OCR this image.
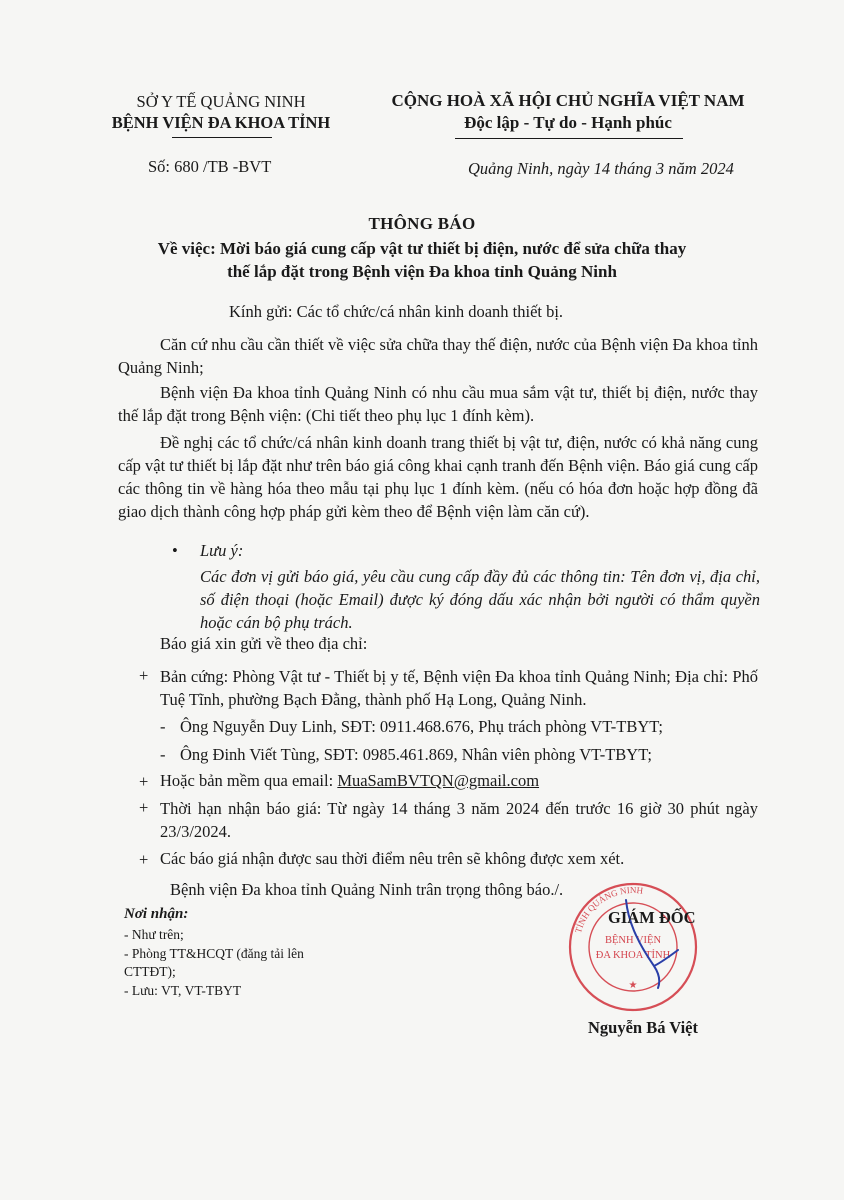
SỞ Y TẾ QUẢNG NINH
BỆNH VIỆN ĐA KHOA TỈNH
CỘNG HOÀ XÃ HỘI CHỦ NGHĨA VIỆT NAM
Độc lập - Tự do - Hạnh phúc
Số: 680 /TB -BVT	Quảng Ninh, ngày 14 tháng 3 năm 2024
THÔNG BÁO
Về việc: Mời báo giá cung cấp vật tư thiết bị điện, nước để sửa chữa thay
thế lắp đặt trong Bệnh viện Đa khoa tỉnh Quảng Ninh
Kính gửi: Các tổ chức/cá nhân kinh doanh thiết bị.
Căn cứ nhu cầu cần thiết về việc sửa chữa thay thế điện, nước của Bệnh viện Đa khoa tỉnh Quảng Ninh;
Bệnh viện Đa khoa tỉnh Quảng Ninh có nhu cầu mua sắm vật tư, thiết bị điện, nước thay thế lắp đặt trong Bệnh viện: (Chi tiết theo phụ lục 1 đính kèm).
Đề nghị các tổ chức/cá nhân kinh doanh trang thiết bị vật tư, điện, nước có khả năng cung cấp vật tư thiết bị lắp đặt như trên báo giá công khai cạnh tranh đến Bệnh viện. Báo giá cung cấp các thông tin về hàng hóa theo mẫu tại phụ lục 1 đính kèm. (nếu có hóa đơn hoặc hợp đồng đã giao dịch thành công hợp pháp gửi kèm theo để Bệnh viện làm căn cứ).
• Lưu ý:
Các đơn vị gửi báo giá, yêu cầu cung cấp đầy đủ các thông tin: Tên đơn vị, địa chỉ, số điện thoại (hoặc Email) được ký đóng dấu xác nhận bởi người có thẩm quyền hoặc cán bộ phụ trách.
Báo giá xin gửi về theo địa chỉ:
+ Bản cứng: Phòng Vật tư - Thiết bị y tế, Bệnh viện Đa khoa tỉnh Quảng Ninh; Địa chỉ: Phố Tuệ Tĩnh, phường Bạch Đằng, thành phố Hạ Long, Quảng Ninh.
- Ông Nguyễn Duy Linh, SĐT: 0911.468.676, Phụ trách phòng VT-TBYT;
- Ông Đinh Viết Tùng, SĐT: 0985.461.869, Nhân viên phòng VT-TBYT;
+ Hoặc bản mềm qua email: MuaSamBVTQN@gmail.com
+ Thời hạn nhận báo giá: Từ ngày 14 tháng 3 năm 2024 đến trước 16 giờ 30 phút ngày 23/3/2024.
+ Các báo giá nhận được sau thời điểm nêu trên sẽ không được xem xét.
Bệnh viện Đa khoa tỉnh Quảng Ninh trân trọng thông báo./.
Nơi nhận:
- Như trên;
- Phòng TT&HCQT (đăng tải lên
CTTĐT);
- Lưu: VT, VT-TBYT
TỈNH QUẢNG NINH
BỆNH VIỆN
ĐA KHOA TỈNH
★
GIÁM ĐỐC
Nguyễn Bá Việt
